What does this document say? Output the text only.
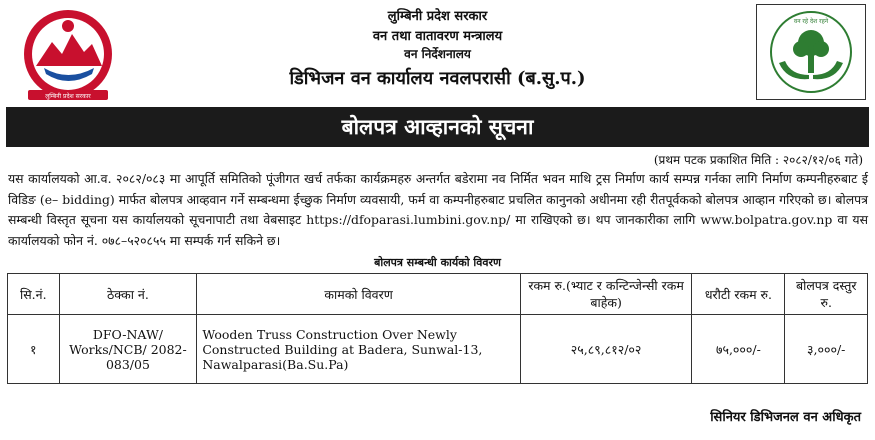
लुम्बिनी प्रदेश सरकार
लुम्बिनी प्रदेश सरकार
वन तथा वातावरण मन्त्रालय
वन निर्देशनालय
डिभिजन वन कार्यालय नवलपरासी (ब.सु.प.)
वन रहे देश रहने
बोलपत्र आव्हानको सूचना
(प्रथम पटक प्रकाशित मिति : २०८२/१२/०६ गते)

यस कार्यालयको आ.व. २०८२/०८३ मा आपूर्ति समितिको पूंजीगत खर्च तर्फका कार्यक्रमहरु अन्तर्गत बडेरामा नव निर्मित भवन माथि ट्रस निर्माण कार्य सम्पन्न गर्नका लागि निर्माण कम्पनीहरुबाट ई विडिङ (e– bidding) मार्फत बोलपत्र आव्हवान गर्ने सम्बन्धमा ईच्छुक निर्माण व्यवसायी, फर्म वा कम्पनीहरुबाट प्रचलित कानुनको अधीनमा रही रीतपूर्वकको बोलपत्र आव्हान गरिएको छ। बोलपत्र सम्बन्धी विस्तृत सूचना यस कार्यालयको सूचनापाटी तथा वेबसाइट https://dfoparasi.lumbini.gov.np/ मा राखिएको छ। थप जानकारीका लागि www.bolpatra.gov.np वा यस कार्यालयको फोन नं. ०७८–५२०८५५ मा सम्पर्क गर्न सकिने छ।

बोलपत्र सम्बन्धी कार्यको विवरण
सि.नं.	ठेक्का नं.	कामको विवरण	रकम रु.(भ्याट र कन्टिन्जेन्सी रकम बाहेक)	धरौटी रकम रु.	बोलपत्र दस्तुर रु.
१	DFO-NAW/ Works/NCB/ 2082-083/05	Wooden Truss Construction Over Newly Constructed Building at Badera, Sunwal-13, Nawalparasi(Ba.Su.Pa)	२५,८९,८१२/०२	७५,०००/-	३,०००/-
सिनियर डिभिजनल वन अधिकृत
